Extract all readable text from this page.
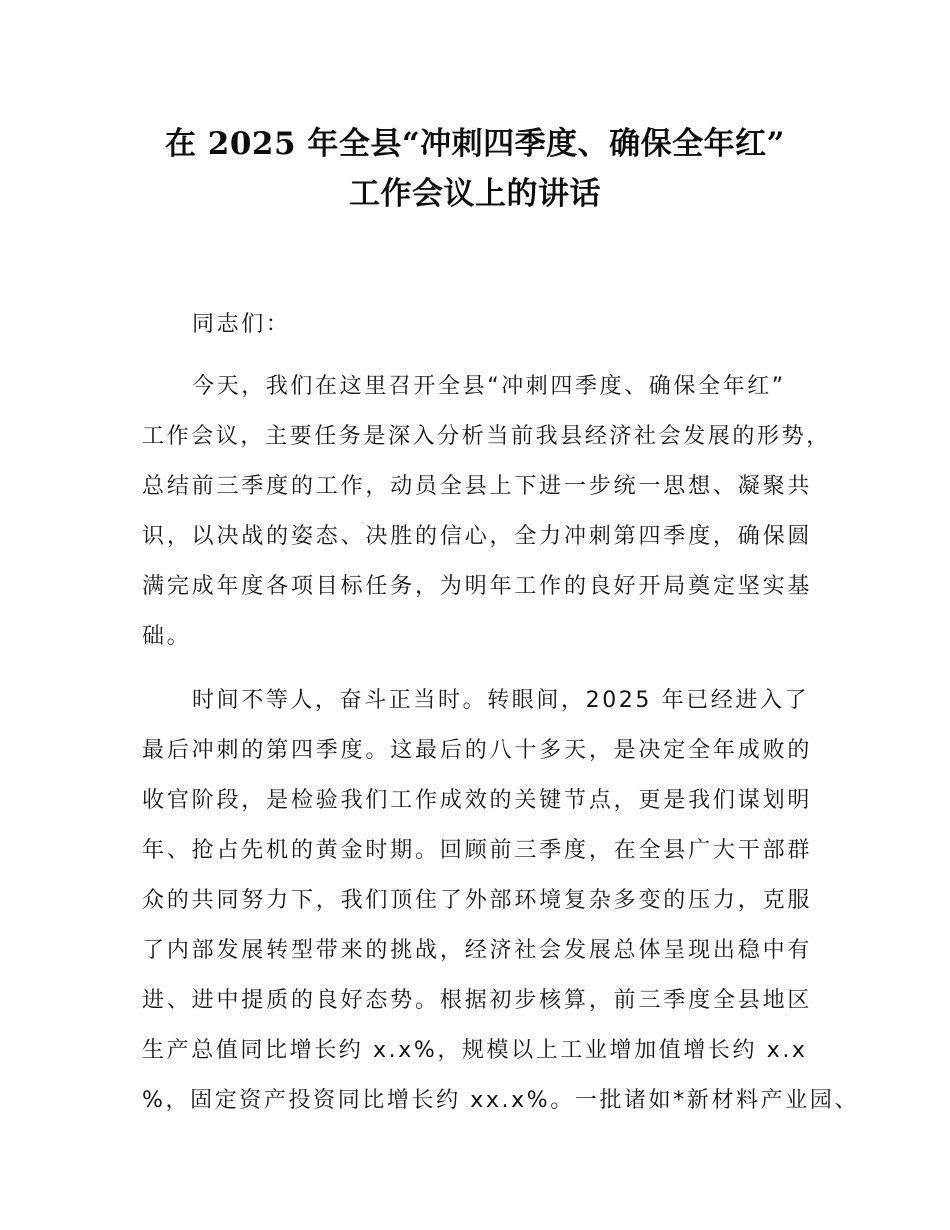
在 2025 年全县“冲刺四季度、确保全年红”
工作会议上的讲话
同志们：
今天，我们在这里召开全县“冲刺四季度、确保全年红”
工作会议，主要任务是深入分析当前我县经济社会发展的形势，
总结前三季度的工作，动员全县上下进一步统一思想、凝聚共
识，以决战的姿态、决胜的信心，全力冲刺第四季度，确保圆
满完成年度各项目标任务，为明年工作的良好开局奠定坚实基
础。
时间不等人，奋斗正当时。转眼间，2025 年已经进入了
最后冲刺的第四季度。这最后的八十多天，是决定全年成败的
收官阶段，是检验我们工作成效的关键节点，更是我们谋划明
年、抢占先机的黄金时期。回顾前三季度，在全县广大干部群
众的共同努力下，我们顶住了外部环境复杂多变的压力，克服
了内部发展转型带来的挑战，经济社会发展总体呈现出稳中有
进、进中提质的良好态势。根据初步核算，前三季度全县地区
生产总值同比增长约 x.x%，规模以上工业增加值增长约 x.x
%，固定资产投资同比增长约 xx.x%。一批诸如*新材料产业园、
